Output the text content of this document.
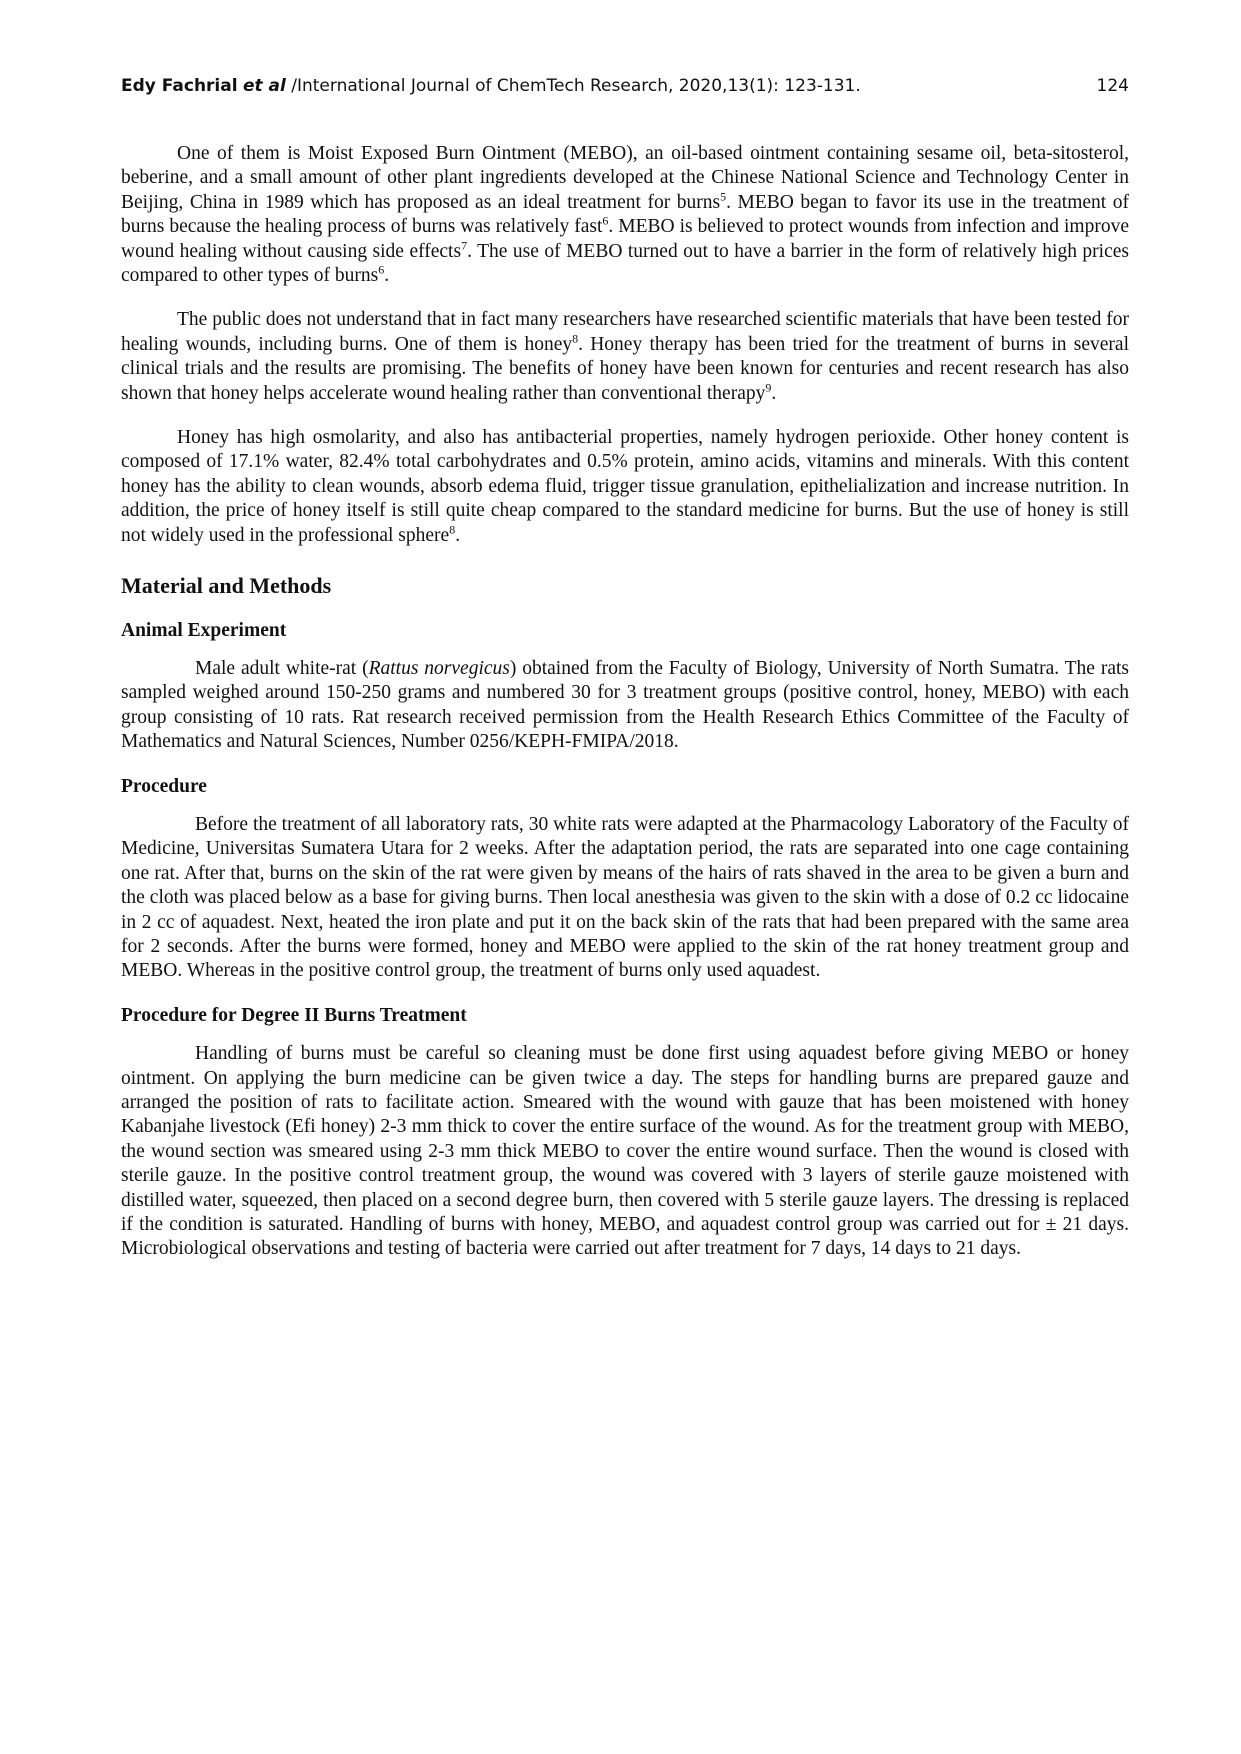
Edy Fachrial et al /International Journal of ChemTech Research, 2020,13(1): 123-131.	124

One of them is Moist Exposed Burn Ointment (MEBO), an oil-based ointment containing sesame oil, beta-sitosterol, beberine, and a small amount of other plant ingredients developed at the Chinese National Science and Technology Center in Beijing, China in 1989 which has proposed as an ideal treatment for burns$^5$. MEBO began to favor its use in the treatment of burns because the healing process of burns was relatively fast$^6$. MEBO is believed to protect wounds from infection and improve wound healing without causing side effects$^7$. The use of MEBO turned out to have a barrier in the form of relatively high prices compared to other types of burns$^6$.

The public does not understand that in fact many researchers have researched scientific materials that have been tested for healing wounds, including burns. One of them is honey$^8$. Honey therapy has been tried for the treatment of burns in several clinical trials and the results are promising. The benefits of honey have been known for centuries and recent research has also shown that honey helps accelerate wound healing rather than conventional therapy$^9$.

Honey has high osmolarity, and also has antibacterial properties, namely hydrogen perioxide. Other honey content is composed of 17.1% water, 82.4% total carbohydrates and 0.5% protein, amino acids, vitamins and minerals. With this content honey has the ability to clean wounds, absorb edema fluid, trigger tissue granulation, epithelialization and increase nutrition. In addition, the price of honey itself is still quite cheap compared to the standard medicine for burns. But the use of honey is still not widely used in the professional sphere$^8$.

Material and Methods
Animal Experiment

Male adult white-rat (Rattus norvegicus) obtained from the Faculty of Biology, University of North Sumatra. The rats sampled weighed around 150-250 grams and numbered 30 for 3 treatment groups (positive control, honey, MEBO) with each group consisting of 10 rats. Rat research received permission from the Health Research Ethics Committee of the Faculty of Mathematics and Natural Sciences, Number 0256/KEPH-FMIPA/2018.

Procedure

Before the treatment of all laboratory rats, 30 white rats were adapted at the Pharmacology Laboratory of the Faculty of Medicine, Universitas Sumatera Utara for 2 weeks. After the adaptation period, the rats are separated into one cage containing one rat. After that, burns on the skin of the rat were given by means of the hairs of rats shaved in the area to be given a burn and the cloth was placed below as a base for giving burns. Then local anesthesia was given to the skin with a dose of 0.2 cc lidocaine in 2 cc of aquadest. Next, heated the iron plate and put it on the back skin of the rats that had been prepared with the same area for 2 seconds. After the burns were formed, honey and MEBO were applied to the skin of the rat honey treatment group and MEBO. Whereas in the positive control group, the treatment of burns only used aquadest.

Procedure for Degree II Burns Treatment

Handling of burns must be careful so cleaning must be done first using aquadest before giving MEBO or honey ointment. On applying the burn medicine can be given twice a day. The steps for handling burns are prepared gauze and arranged the position of rats to facilitate action. Smeared with the wound with gauze that has been moistened with honey Kabanjahe livestock (Efi honey) 2-3 mm thick to cover the entire surface of the wound. As for the treatment group with MEBO, the wound section was smeared using 2-3 mm thick MEBO to cover the entire wound surface. Then the wound is closed with sterile gauze. In the positive control treatment group, the wound was covered with 3 layers of sterile gauze moistened with distilled water, squeezed, then placed on a second degree burn, then covered with 5 sterile gauze layers. The dressing is replaced if the condition is saturated. Handling of burns with honey, MEBO, and aquadest control group was carried out for ± 21 days. Microbiological observations and testing of bacteria were carried out after treatment for 7 days, 14 days to 21 days.
